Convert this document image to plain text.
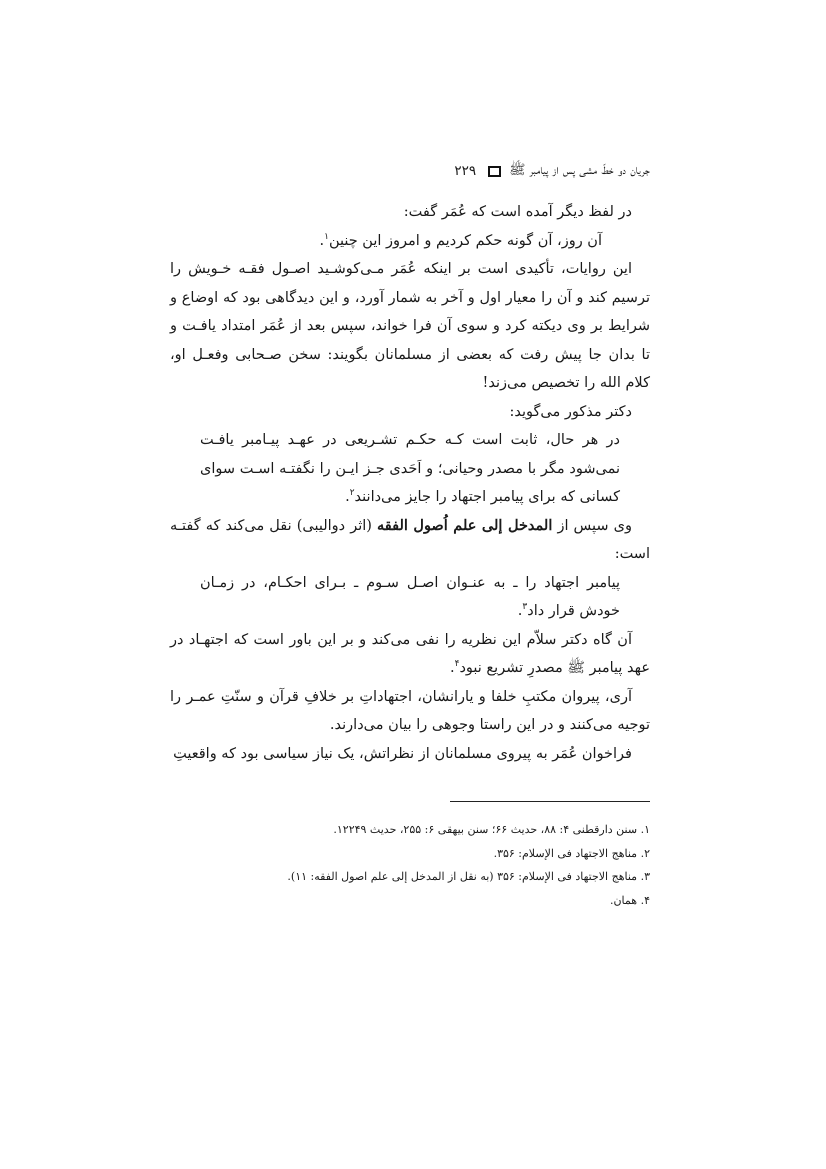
جریان دو خطّ مشی پس از پیامبر ﷺ
۲۲۹

در لفظ دیگر آمده است که عُمَر گفت:

آن روز، آن گونه حکم کردیم و امروز این چنین$^۱$.

این روایات، تأکیدی است بر اینکه عُمَر مـی‌کوشـید اصـول فقـه خـویش را ترسیم کند و آن را معیار اول و آخر به شمار آورد، و این دیدگاهی بود که اوضاع و شرایط بر وی دیکته کرد و سوی آن فرا خواند، سپس بعد از عُمَر امتداد یافـت و تا بدان جا پیش رفت که بعضی از مسلمانان بگویند: سخن صـحابی وفعـل او، کلام الله را تخصیص می‌زند!

دکتر مذکور می‌گوید:

در هر حال، ثابت است کـه حکـم تشـریعی در عهـد پیـامبر یافـت نمی‌شود مگر با مصدر وحیانی؛ و اَحَدی جـز ایـن را نگفتـه اسـت سوای کسانی که برای پیامبر اجتهاد را جایز می‌دانند$^۲$.

وی سپس از المدخل إلی علم اُصول الفقه (اثر دوالیبی) نقل می‌کند که گفتـه است:

پیامبر اجتهاد را ـ به عنـوان اصـل سـوم ـ بـرای احکـام، در زمـان خودش قرار داد$^۳$.

آن گاه دکتر سلاّم این نظریه را نفی می‌کند و بر این باور است که اجتهـاد در عهد پیامبر ﷺ مصدرِ تشریع نبود$^۴$.

آری، پیروان مکتبِ خلفا و یارانشان، اجتهاداتِ بر خلافِ قرآن و سنّتِ عمـر را توجیه می‌کنند و در این راستا وجوهی را بیان می‌دارند.

فراخوان عُمَر به پیروی مسلمانان از نظراتش، یک نیاز سیاسی بود که واقعیتِ

۱. سنن دارقطنی ۴: ۸۸، حدیث ۶۶؛ سنن بیهقی ۶: ۲۵۵، حدیث ۱۲۲۴۹.

۲. مناهج الاجتهاد فی الإسلام: ۳۵۶.

۳. مناهج الاجتهاد فی الإسلام: ۳۵۶ (به نقل از المدخل إلی علم اصول الفقه: ۱۱).

۴. همان.
